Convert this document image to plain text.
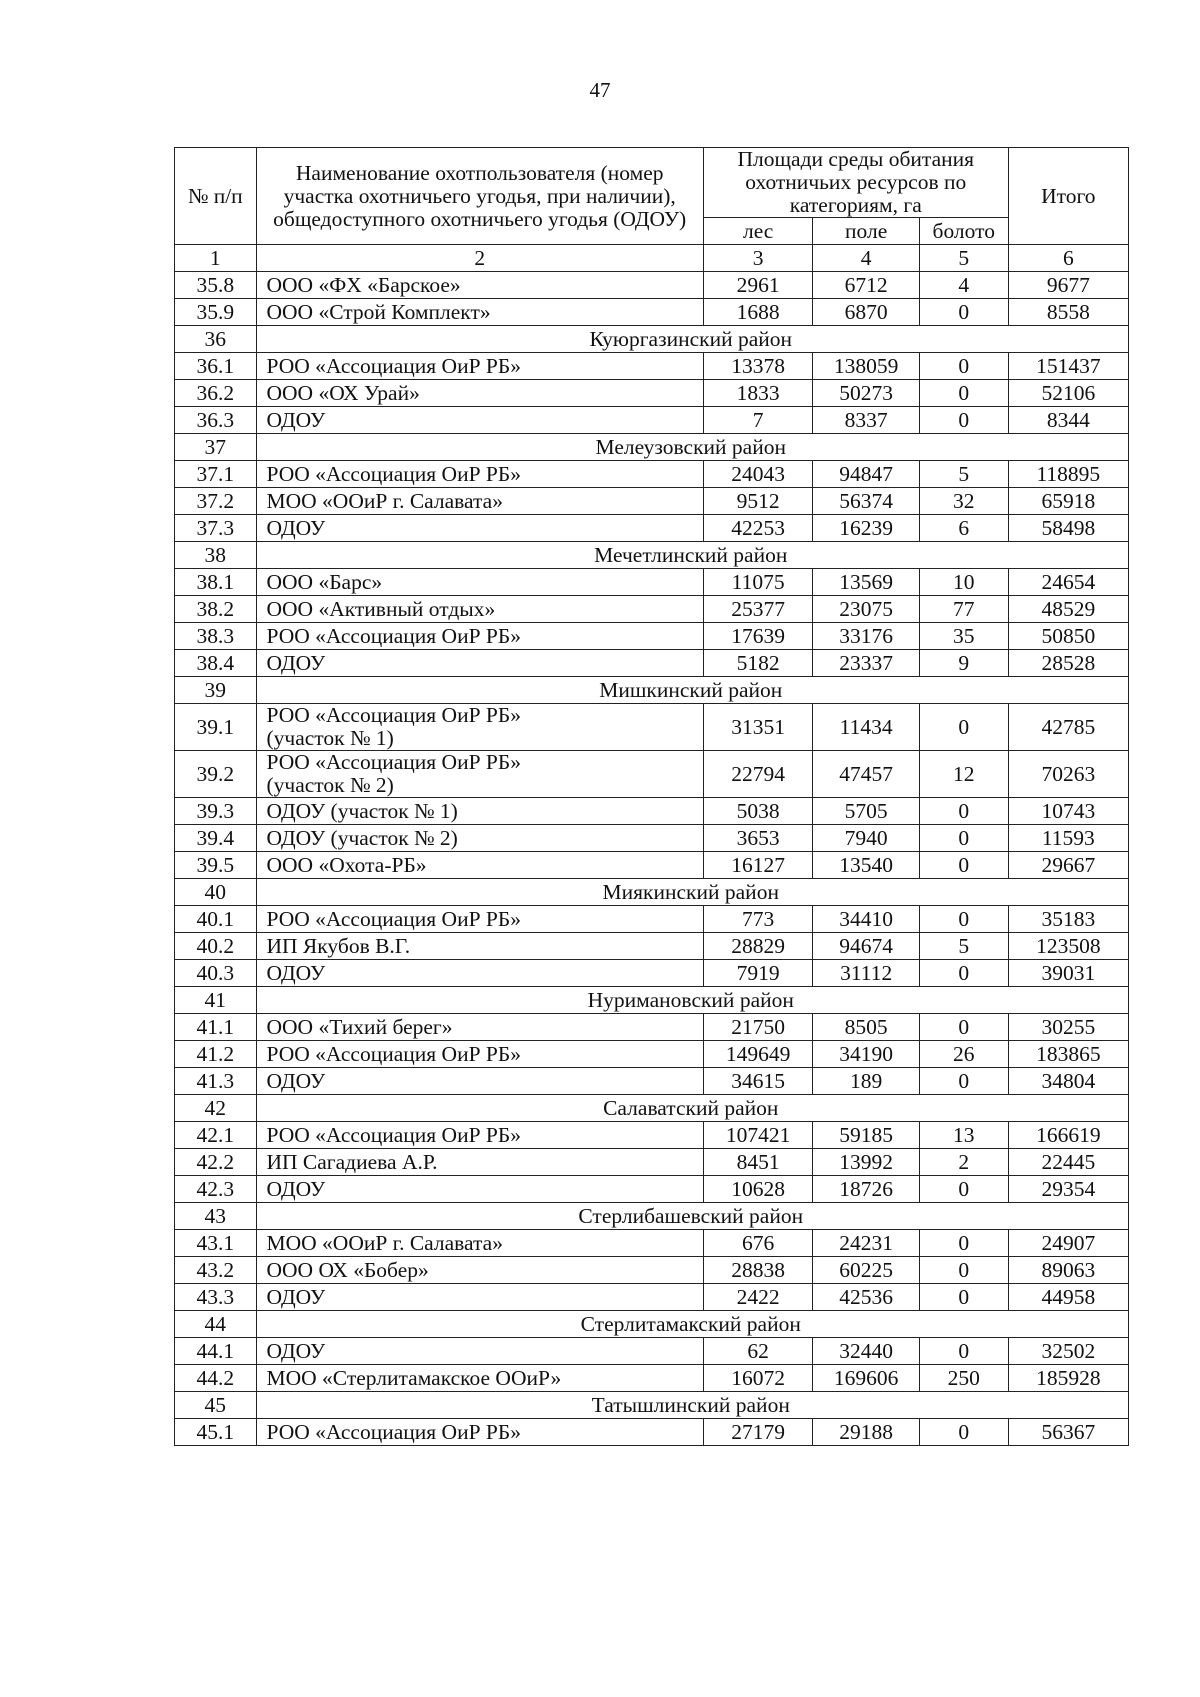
47
№ п/п	Наименование охотпользователя (номер участка охотничьего угодья, при наличии), общедоступного охотничьего угодья (ОДОУ)	Площади среды обитания охотничьих ресурсов по категориям, га			Итого
		лес	поле	болото	
1	2	3	4	5	6
35.8	ООО «ФХ «Барское»	2961	6712	4	9677
35.9	ООО «Строй Комплект»	1688	6870	0	8558
36	Куюргазинский район				
36.1	РОО «Ассоциация ОиР РБ»	13378	138059	0	151437
36.2	ООО «ОХ Урай»	1833	50273	0	52106
36.3	ОДОУ	7	8337	0	8344
37	Мелеузовский район				
37.1	РОО «Ассоциация ОиР РБ»	24043	94847	5	118895
37.2	МОО «ООиР г. Салавата»	9512	56374	32	65918
37.3	ОДОУ	42253	16239	6	58498
38	Мечетлинский район				
38.1	ООО «Барс»	11075	13569	10	24654
38.2	ООО «Активный отдых»	25377	23075	77	48529
38.3	РОО «Ассоциация ОиР РБ»	17639	33176	35	50850
38.4	ОДОУ	5182	23337	9	28528
39	Мишкинский район				
39.1	РОО «Ассоциация ОиР РБ»
(участок № 1)	31351	11434	0	42785
39.2	РОО «Ассоциация ОиР РБ»
(участок № 2)	22794	47457	12	70263
39.3	ОДОУ (участок № 1)	5038	5705	0	10743
39.4	ОДОУ (участок № 2)	3653	7940	0	11593
39.5	ООО «Охота-РБ»	16127	13540	0	29667
40	Миякинский район				
40.1	РОО «Ассоциация ОиР РБ»	773	34410	0	35183
40.2	ИП Якубов В.Г.	28829	94674	5	123508
40.3	ОДОУ	7919	31112	0	39031
41	Нуримановский район				
41.1	ООО «Тихий берег»	21750	8505	0	30255
41.2	РОО «Ассоциация ОиР РБ»	149649	34190	26	183865
41.3	ОДОУ	34615	189	0	34804
42	Салаватский район				
42.1	РОО «Ассоциация ОиР РБ»	107421	59185	13	166619
42.2	ИП Сагадиева А.Р.	8451	13992	2	22445
42.3	ОДОУ	10628	18726	0	29354
43	Стерлибашевский район				
43.1	МОО «ООиР г. Салавата»	676	24231	0	24907
43.2	ООО ОХ «Бобер»	28838	60225	0	89063
43.3	ОДОУ	2422	42536	0	44958
44	Стерлитамакский район				
44.1	ОДОУ	62	32440	0	32502
44.2	МОО «Стерлитамакское ООиР»	16072	169606	250	185928
45	Татышлинский район				
45.1	РОО «Ассоциация ОиР РБ»	27179	29188	0	56367
